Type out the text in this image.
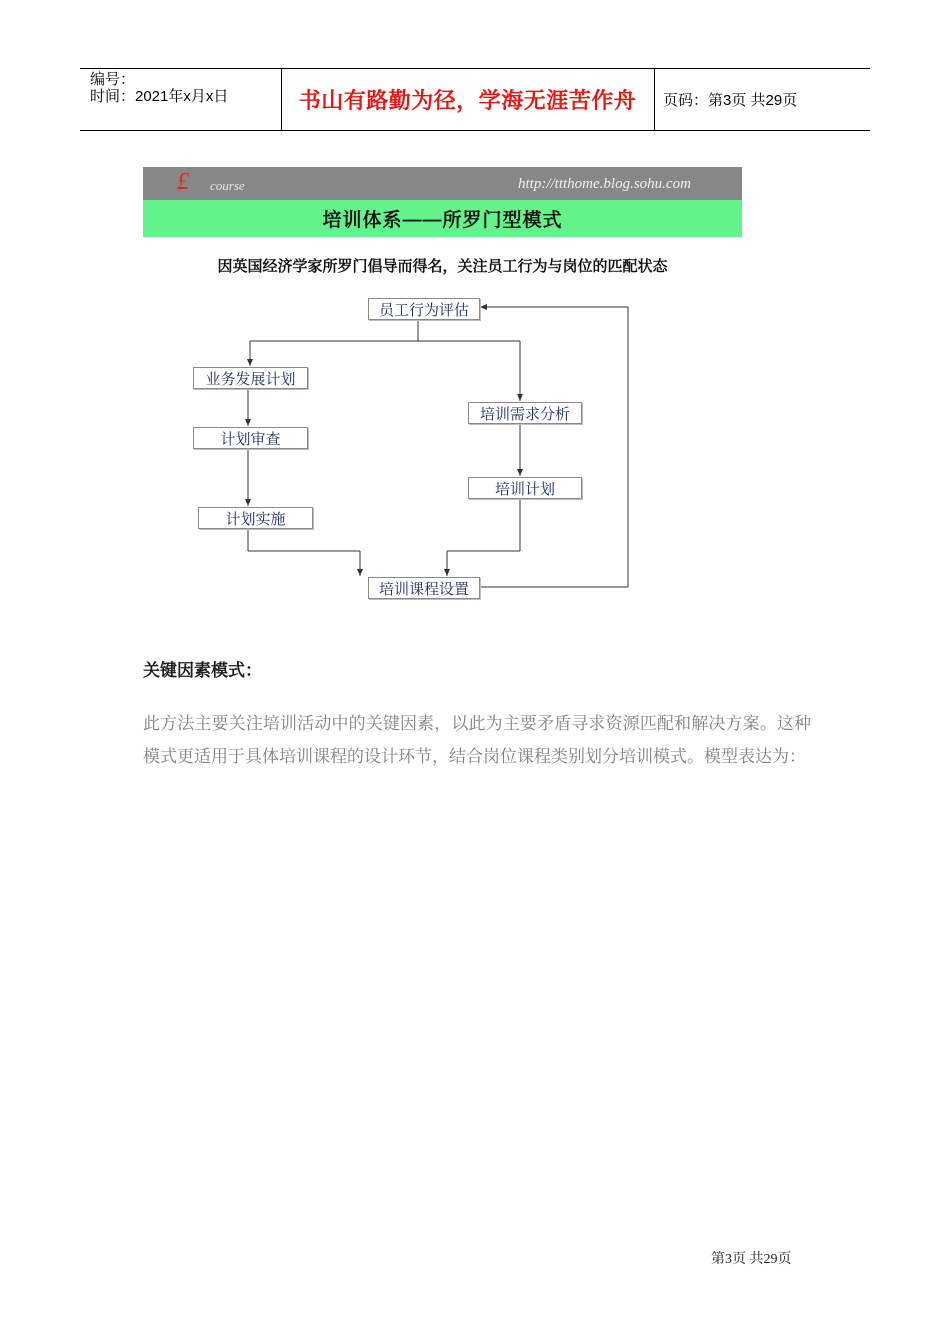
编号：
时间：2021年x月x日	书山有路勤为径，学海无涯苦作舟 页码：第3页 共29页
£ course	http://ttthome.blog.sohu.com
培训体系——所罗门型模式
因英国经济学家所罗门倡导而得名，关注员工行为与岗位的匹配状态
员工行为评估
业务发展计划
计划审查
计划实施
培训需求分析
培训计划
培训课程设置
关键因素模式：
此方法主要关注培训活动中的关键因素，以此为主要矛盾寻求资源匹配和解决方案。这种模式更适用于具体培训课程的设计环节，结合岗位课程类别划分培训模式。模型表达为：
第3页 共29页
